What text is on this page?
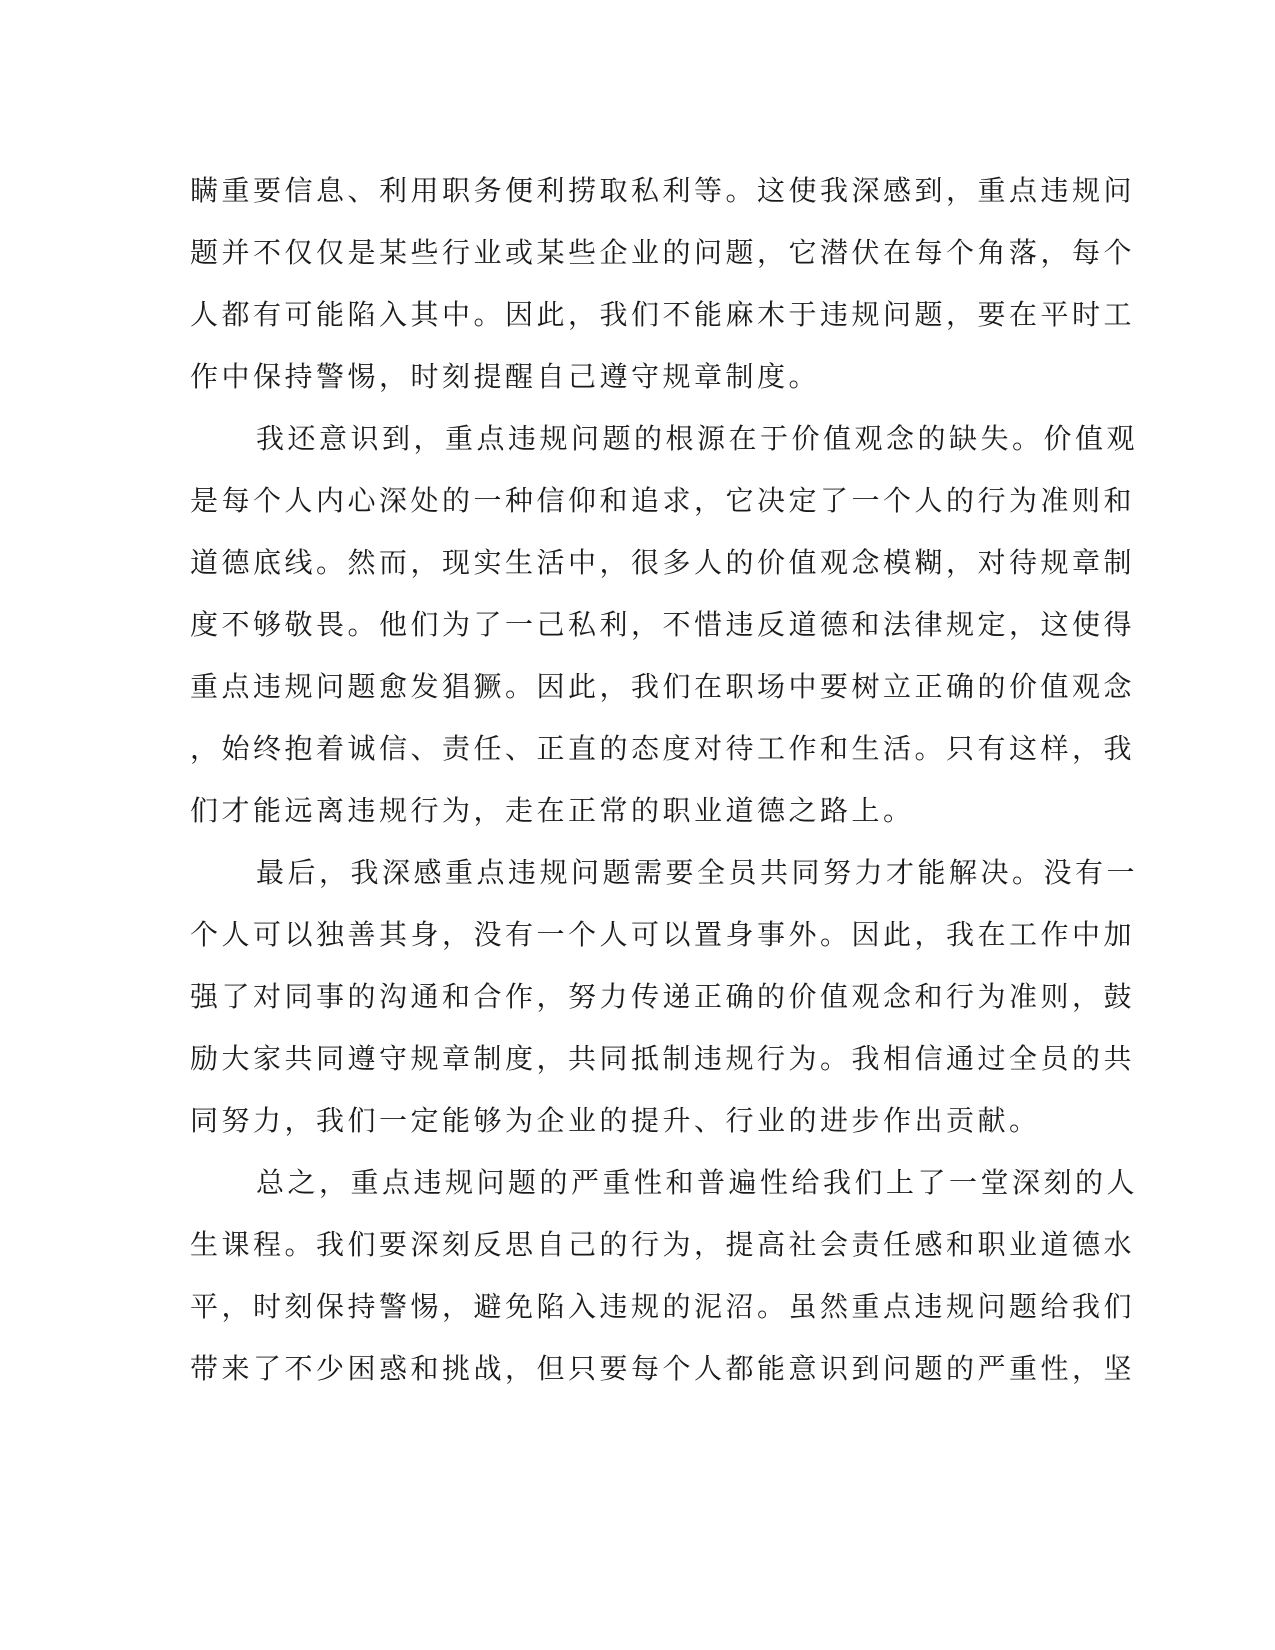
瞒重要信息、利用职务便利捞取私利等。这使我深感到，重点违规问
题并不仅仅是某些行业或某些企业的问题，它潜伏在每个角落，每个
人都有可能陷入其中。因此，我们不能麻木于违规问题，要在平时工
作中保持警惕，时刻提醒自己遵守规章制度。
我还意识到，重点违规问题的根源在于价值观念的缺失。价值观
是每个人内心深处的一种信仰和追求，它决定了一个人的行为准则和
道德底线。然而，现实生活中，很多人的价值观念模糊，对待规章制
度不够敬畏。他们为了一己私利，不惜违反道德和法律规定，这使得
重点违规问题愈发猖獗。因此，我们在职场中要树立正确的价值观念
，始终抱着诚信、责任、正直的态度对待工作和生活。只有这样，我
们才能远离违规行为，走在正常的职业道德之路上。
最后，我深感重点违规问题需要全员共同努力才能解决。没有一
个人可以独善其身，没有一个人可以置身事外。因此，我在工作中加
强了对同事的沟通和合作，努力传递正确的价值观念和行为准则，鼓
励大家共同遵守规章制度，共同抵制违规行为。我相信通过全员的共
同努力，我们一定能够为企业的提升、行业的进步作出贡献。
总之，重点违规问题的严重性和普遍性给我们上了一堂深刻的人
生课程。我们要深刻反思自己的行为，提高社会责任感和职业道德水
平，时刻保持警惕，避免陷入违规的泥沼。虽然重点违规问题给我们
带来了不少困惑和挑战，但只要每个人都能意识到问题的严重性，坚
